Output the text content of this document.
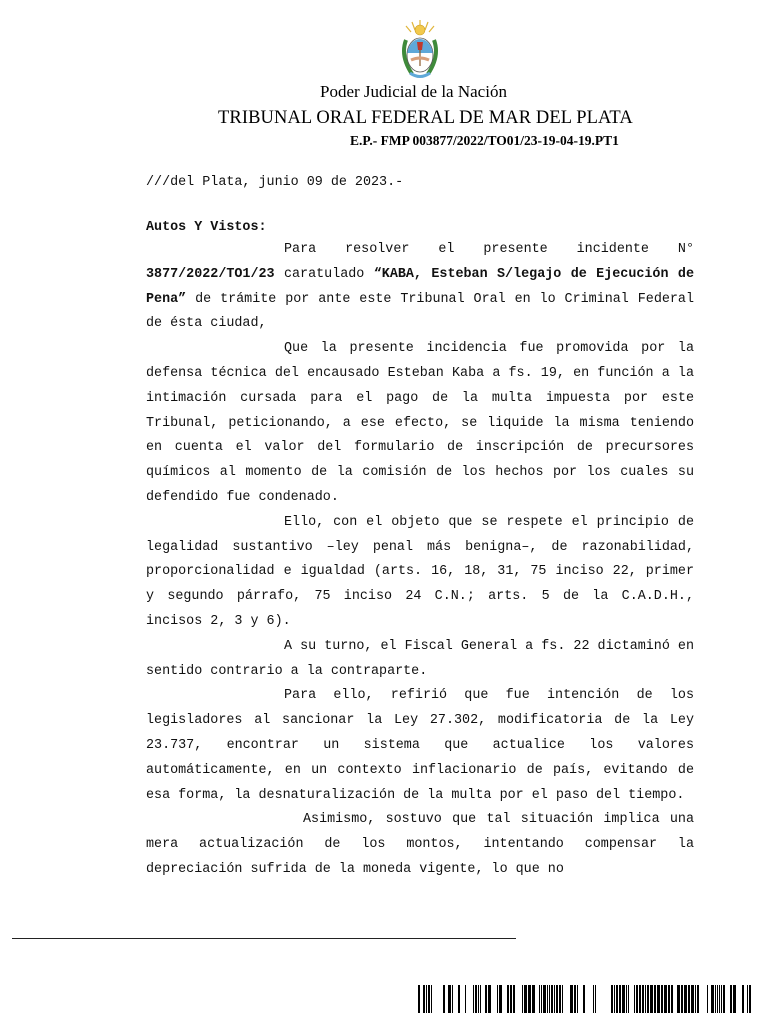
Poder Judicial de la Nación
TRIBUNAL ORAL FEDERAL DE MAR DEL PLATA
E.P.- FMP 003877/2022/TO01/23-19-04-19.PT1
///del Plata, junio 09 de 2023.-
Autos Y Vistos:

Para resolver el presente incidente N° 3877/2022/TO1/23 caratulado “KABA, Esteban S/legajo de Ejecución de Pena” de trámite por ante este Tribunal Oral en lo Criminal Federal de ésta ciudad,

Que la presente incidencia fue promovida por la defensa técnica del encausado Esteban Kaba a fs. 19, en función a la intimación cursada para el pago de la multa impuesta por este Tribunal, peticionando, a ese efecto, se liquide la misma teniendo en cuenta el valor del formulario de inscripción de precursores químicos al momento de la comisión de los hechos por los cuales su defendido fue condenado.

Ello, con el objeto que se respete el principio de legalidad sustantivo –ley penal más benigna–, de razonabilidad, proporcionalidad e igualdad (arts. 16, 18, 31, 75 inciso 22, primer y segundo párrafo, 75 inciso 24 C.N.; arts. 5 de la C.A.D.H., incisos 2, 3 y 6).

A su turno, el Fiscal General a fs. 22 dictaminó en sentido contrario a la contraparte.

Para ello, refirió que fue intención de los legisladores al sancionar la Ley 27.302, modificatoria de la Ley 23.737, encontrar un sistema que actualice los valores automáticamente, en un contexto inflacionario de país, evitando de esa forma, la desnaturalización de la multa por el paso del tiempo.

Asimismo, sostuvo que tal situación implica una mera actualización de los montos, intentando compensar la depreciación sufrida de la moneda vigente, lo que no
